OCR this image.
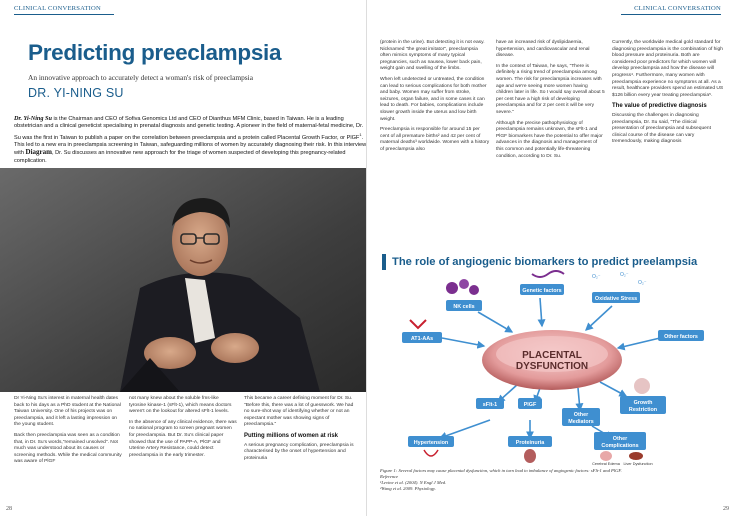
CLINICAL CONVERSATION
Predicting preeclampsia
An innovative approach to accurately detect a woman's risk of preeclampsia
DR. YI-NING SU
Dr. Yi-Ning Su is the Chairman and CEO of Sofiva Genomics Ltd and CEO of Dianthus MFM Clinic, based in Taiwan. He is a leading obstetrician and a clinical geneticist specialising in prenatal diagnosis and genetic testing. A pioneer in the field of maternal-fetal medicine, Dr. Su was the first in Taiwan to publish a paper on the correlation between preeclampsia and a protein called Placental Growth Factor, or PlGF$^1$. This led to a new era in preeclampsia screening in Taiwan, safeguarding millions of women by accurately diagnosing their risk. In this interview with Diagram, Dr. Su discusses an innovative new approach for the triage of women suspected of developing this pregnancy-related complication.

Dr Yi-Ning Su's interest in maternal health dates back to his days as a PhD student at the National Taiwan University. One of his projects was on preeclampsia, and it left a lasting impression on the young student.

Back then preeclampsia was seen as a condition that, in Dr. Su's words,"remained unsolved". Not much was understood about its causes or screening methods. While the medical community was aware of PlGF

not many knew about the soluble fms-like tyrosine kinase-1 (sFlt-1), which means doctors weren't on the lookout for altered sFlt-1 levels.

In the absence of any clinical evidence, there was no national program to screen pregnant women for preeclampsia. But Dr. Su's clinical paper showed that the use of PAPP-A, PlGF and Uterine Artery Resistance, could detect preeclampsia in the early trimester.

This became a career defining moment for Dr. Su. "Before this, there was a lot of guesswork. We had no sure-shot way of identifying whether or not an expectant mother was showing signs of preeclampsia."

Putting millions of women at risk

A serious pregnancy complication, preeclampsia is characterised by the onset of hypertension and proteinuria

28
CLINICAL CONVERSATION

(protein in the urine). But detecting it is not easy. Nicknamed "the great imitator", preeclampsia often mimics symptoms of many typical pregnancies, such as nausea, lower back pain, weight gain and swelling of the limbs.

When left undetected or untreated, the condition can lead to serious complications for both mother and baby. Women may suffer from stroke, seizures, organ failure, and in some cases it can lead to death. For babies, complications include slower growth inside the uterus and low birth weight.

Preeclampsia is responsible for around 15 per cent of all premature births² and 42 per cent of maternal deaths³ worldwide. Women with a history of preeclampsia also

have an increased risk of dyslipidaemia, hypertension, and cardiovascular and renal disease.

In the context of Taiwan, he says, "There is definitely a rising trend of preeclampsia among women. The risk for preeclampsia increases with age and we're seeing more women having children later in life. So I would say overall about 5 per cent have a high risk of developing preeclampsia and for 2 per cent it will be very severe."

Although the precise pathophysiology of preeclampsia remains unknown, the sFlt-1 and PlGF biomarkers have the potential to offer major advances in the diagnosis and management of this common and potentially life-threatening condition, according to Dr. Su.

Currently, the worldwide medical gold standard for diagnosing preeclampsia is the combination of high blood pressure and proteinuria. Both are considered poor predictors for which women will develop preeclampsia and how the disease will progress⁴. Furthermore, many women with preeclampsia experience no symptoms at all. As a result, healthcare providers spend an estimated US $126 billion every year treating preeclampsia⁵.

The value of predictive diagnosis

Discussing the challenges in diagnosing preeclampsia, Dr. Su said, "The clinical presentation of preeclampsia and subsequent clinical course of the disease can vary tremendously, making diagnosis

29
The role of angiogenic biomarkers to predict preelampsia
PLACENTAL
DYSFUNCTION
NK cells
Genetic factors
O₂⁻	O₂⁻
O₂⁻
Oxidative Stress
AT1-AAs	Other factors
sFlt-1	PlGF	Growth
Restriction
Other
Mediators
Hypertension	Proteinuria
Other
Complications
Cerebral Edema Liver Dysfunction
Figure 1: Several factors may cause placental dysfunction, which in turn lead to imbalance of angiogenic factors: sFlt-1 and PlGF.
Reference
¹Levine et al. (2004). N Engl J Med.
²Wang et al. 2009. Physiology.
